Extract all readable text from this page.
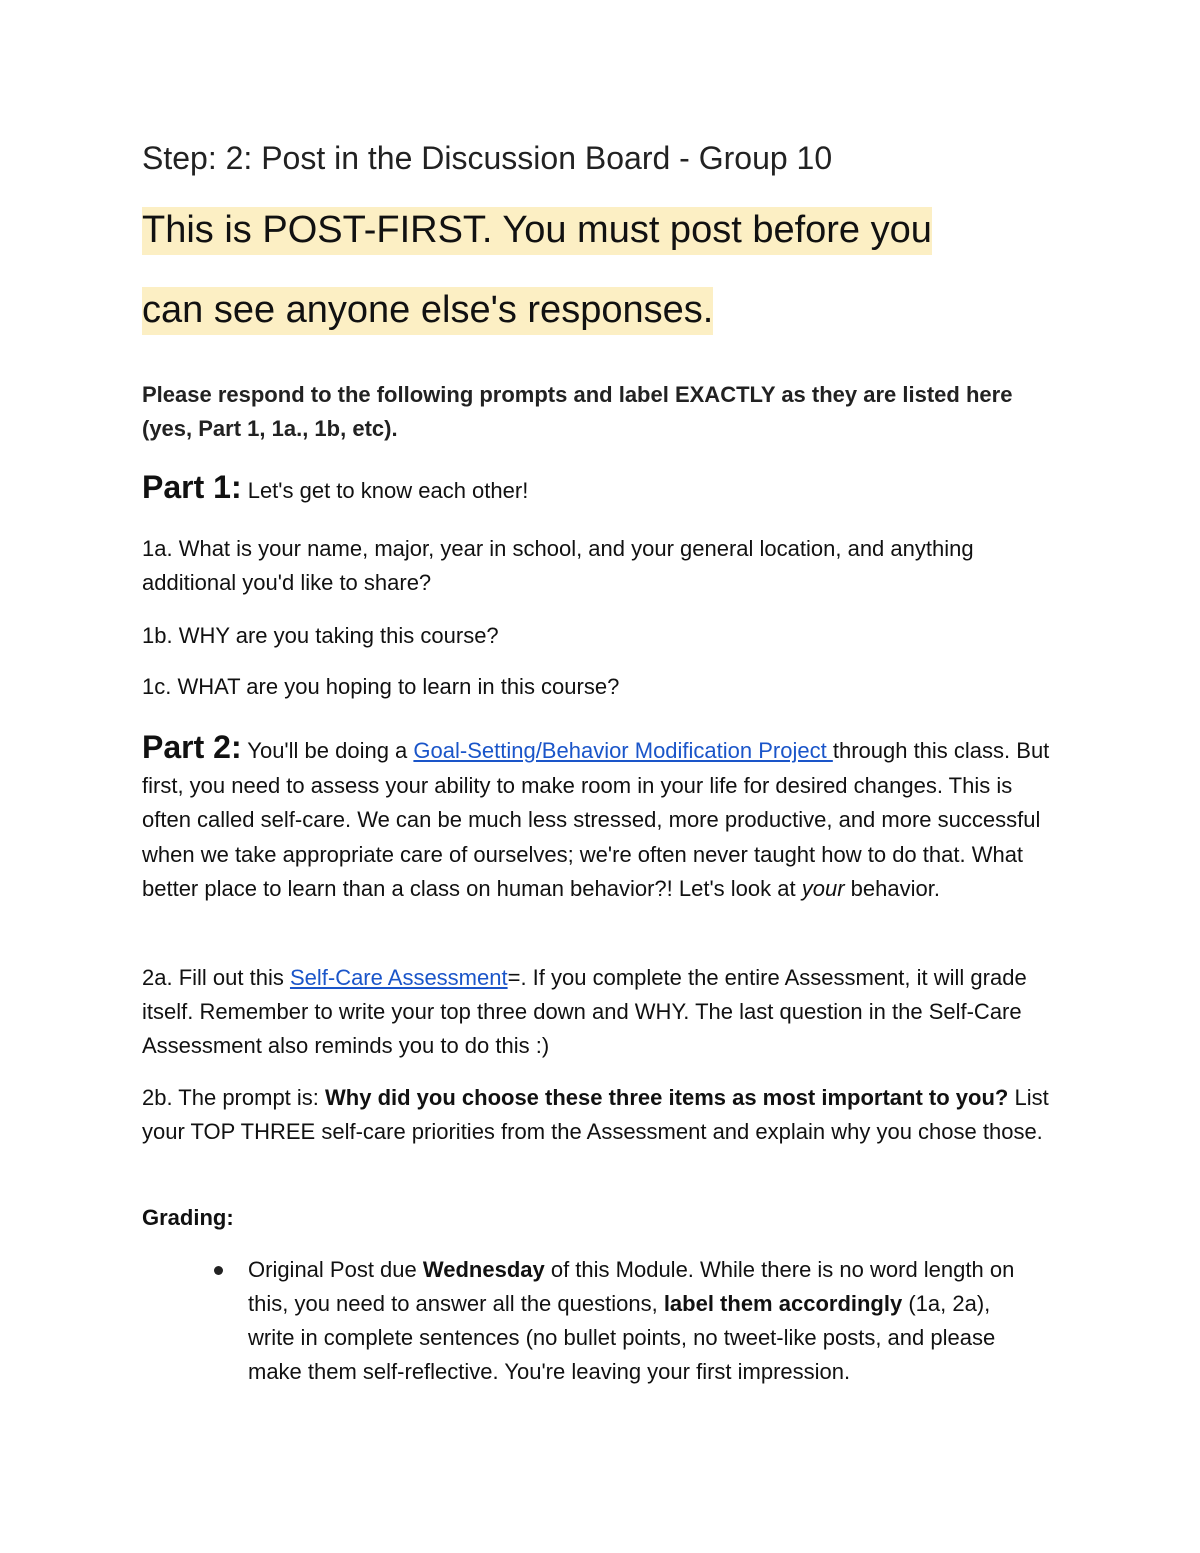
Step: 2: Post in the Discussion Board - Group 10

This is POST-FIRST. You must post before you

can see anyone else's responses.

Please respond to the following prompts and label EXACTLY as they are listed here (yes, Part 1, 1a., 1b, etc).

Part 1: Let's get to know each other!

1a. What is your name, major, year in school, and your general location, and anything additional you'd like to share?

1b. WHY are you taking this course?

1c. WHAT are you hoping to learn in this course?

Part 2: You'll be doing a Goal-Setting/Behavior Modification Project through this class. But first, you need to assess your ability to make room in your life for desired changes. This is often called self-care. We can be much less stressed, more productive, and more successful when we take appropriate care of ourselves; we're often never taught how to do that. What better place to learn than a class on human behavior?! Let's look at your behavior.

2a. Fill out this Self-Care Assessment=. If you complete the entire Assessment, it will grade itself. Remember to write your top three down and WHY. The last question in the Self-Care Assessment also reminds you to do this :)

2b. The prompt is: Why did you choose these three items as most important to you? List your TOP THREE self-care priorities from the Assessment and explain why you chose those.

Grading:

Original Post due Wednesday of this Module. While there is no word length on this, you need to answer all the questions, label them accordingly (1a, 2a), write in complete sentences (no bullet points, no tweet-like posts, and please make them self-reflective. You're leaving your first impression.
